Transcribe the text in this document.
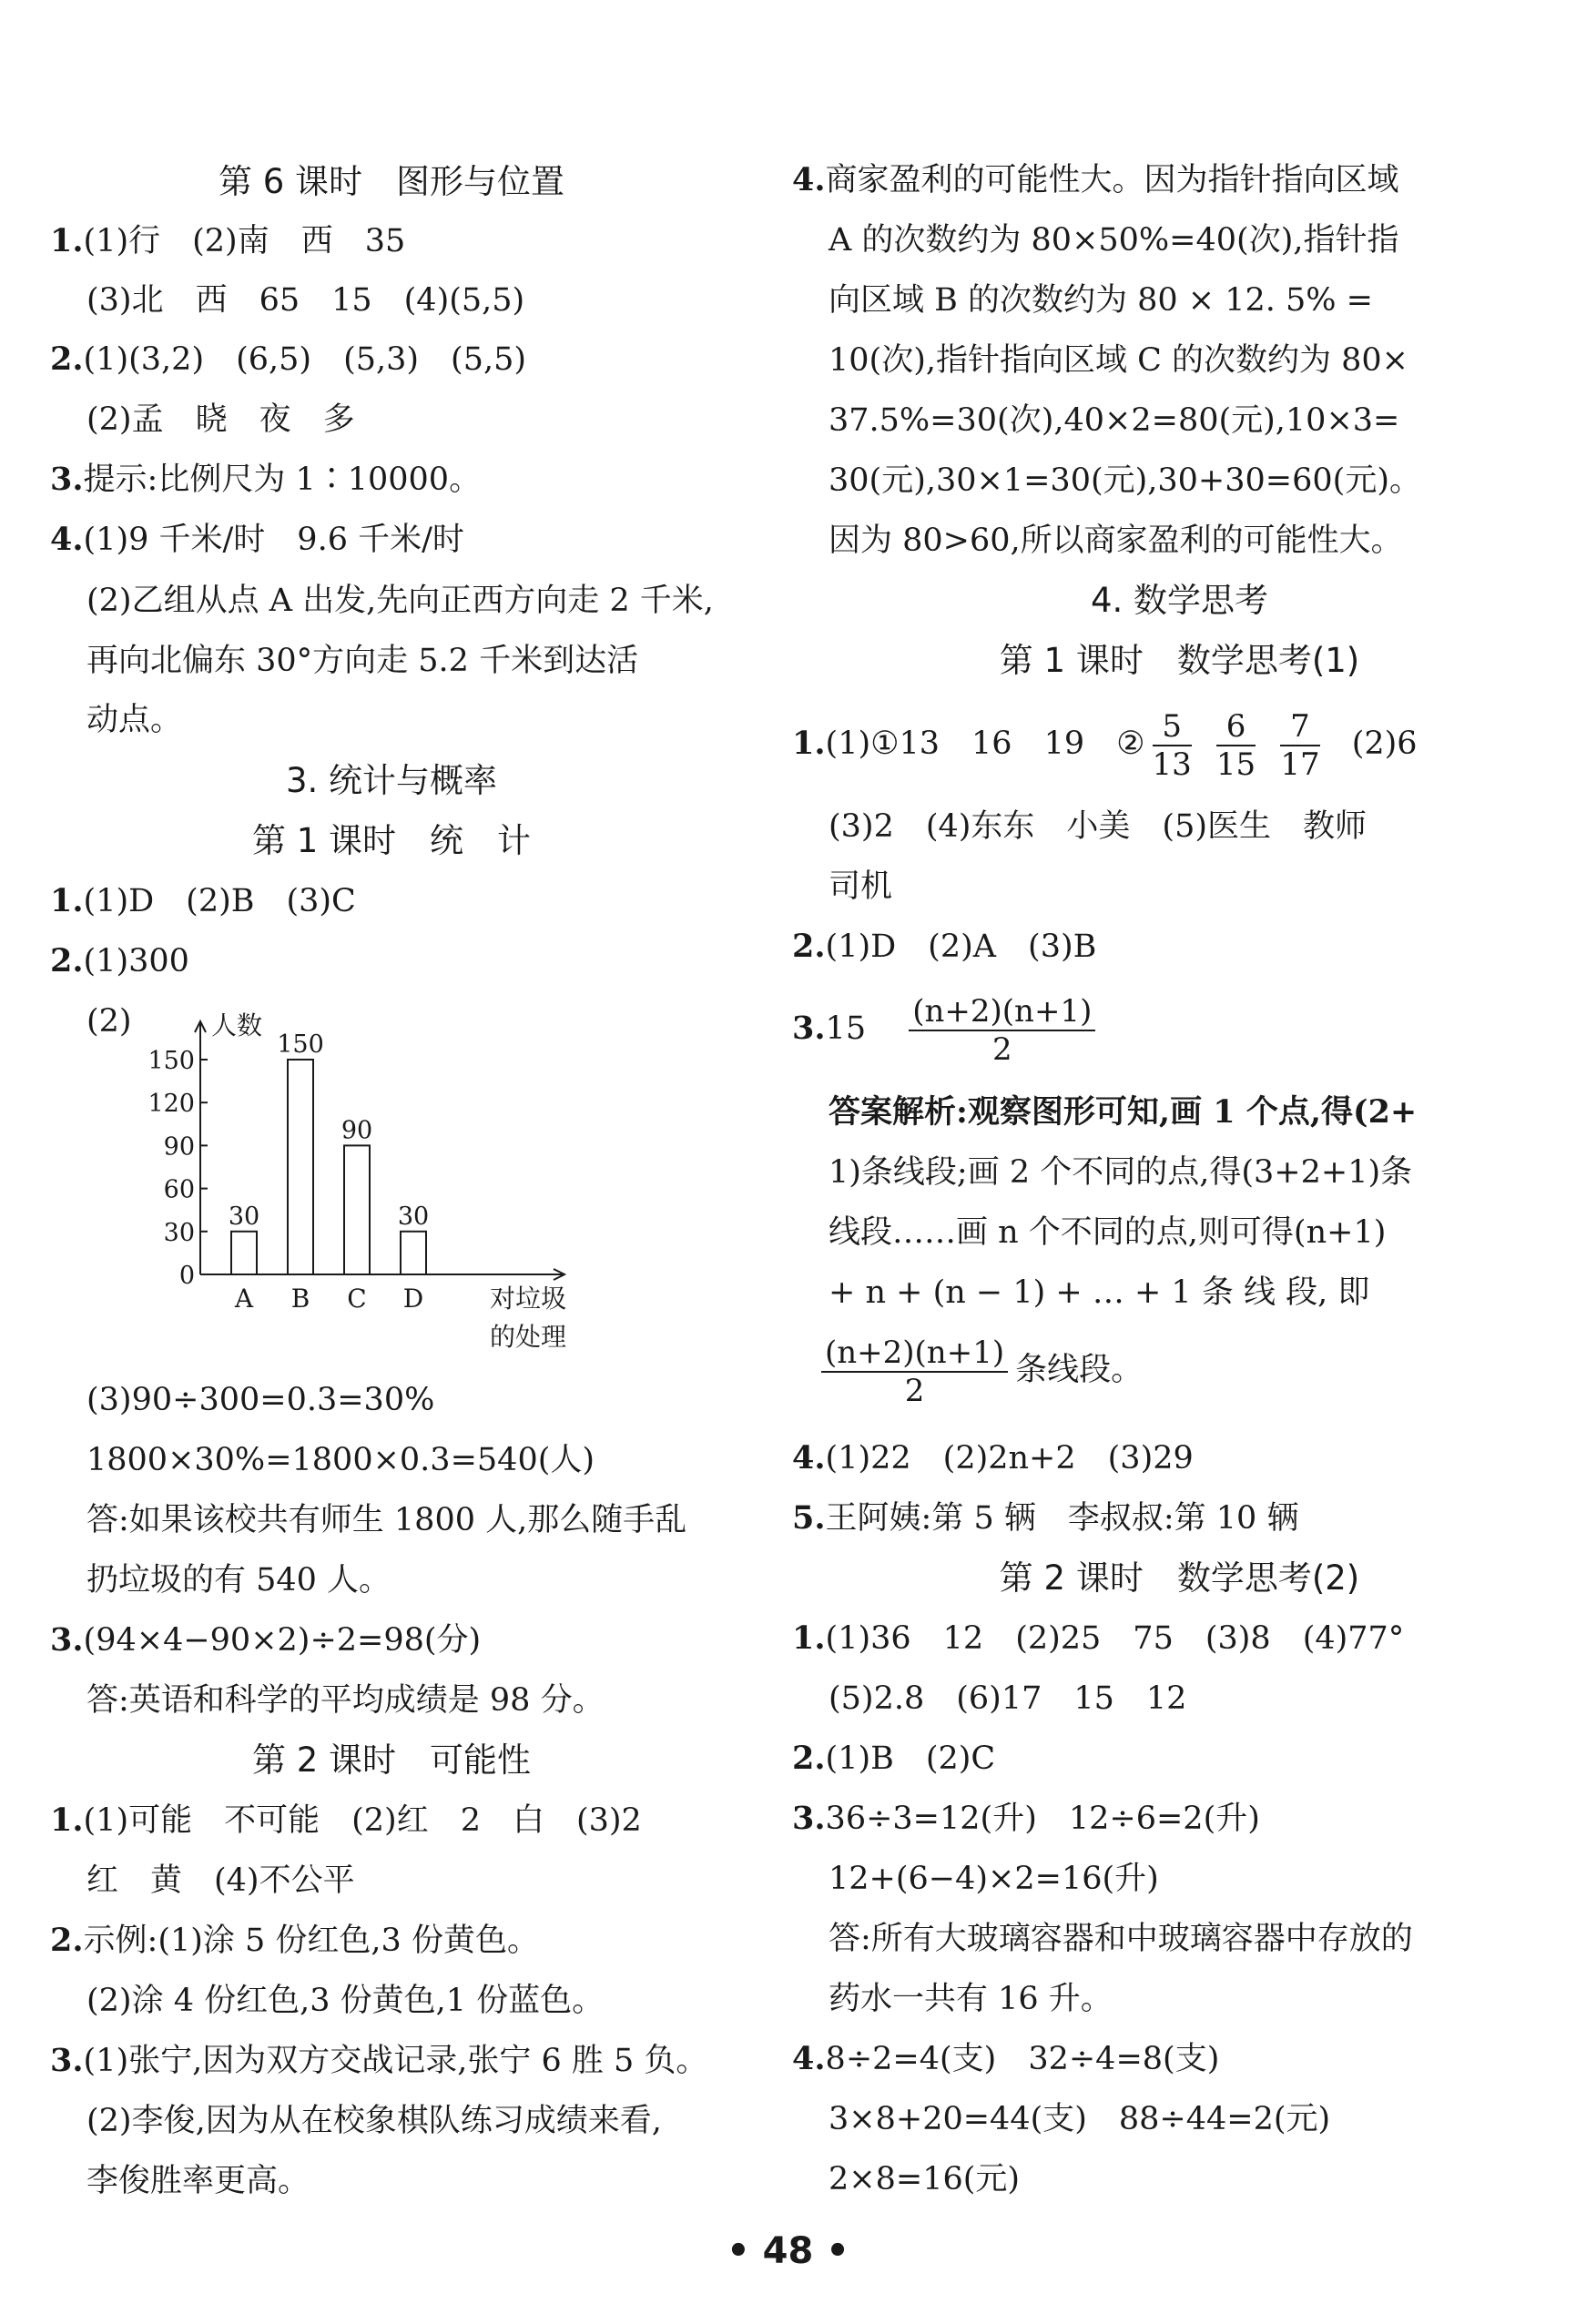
第 6 课时　图形与位置
1.(1)行　(2)南　西　35
(3)北　西　65　15　(4)(5,5)
2.(1)(3,2)　(6,5)　(5,3)　(5,5)
(2)孟　晓　夜　多
3.提示:比例尺为 1∶10000。
4.(1)9 千米/时　9.6 千米/时
(2)乙组从点 A 出发,先向正西方向走 2 千米,
再向北偏东 30°方向走 5.2 千米到达活
动点。
3. 统计与概率
第 1 课时　统　计
1.(1)D　(2)B　(3)C
2.(1)300
(2)	人数
0
30
60
90
120
150
30
A
150
B
90
C
30
D	对垃圾
的处理
(3)90÷300=0.3=30%
1800×30%=1800×0.3=540(人)
答:如果该校共有师生 1800 人,那么随手乱
扔垃圾的有 540 人。
3.(94×4−90×2)÷2=98(分)
答:英语和科学的平均成绩是 98 分。
第 2 课时　可能性
1.(1)可能　不可能　(2)红　2　白　(3)2
红　黄　(4)不公平
2.示例:(1)涂 5 份红色,3 份黄色。
(2)涂 4 份红色,3 份黄色,1 份蓝色。
3.(1)张宁,因为双方交战记录,张宁 6 胜 5 负。
(2)李俊,因为从在校象棋队练习成绩来看,
李俊胜率更高。
4.商家盈利的可能性大。因为指针指向区域
A 的次数约为 80×50%=40(次),指针指
向区域 B 的次数约为 80 × 12. 5% =
10(次),指针指向区域 C 的次数约为 80×
37.5%=30(次),40×2=80(元),10×3=
30(元),30×1=30(元),30+30=60(元)。
因为 80>60,所以商家盈利的可能性大。
4. 数学思考
第 1 课时　数学思考(1)
1.(1)①13　16　19　② $\frac{5}{13}$
$\frac{6}{15}$
$\frac{7}{17} (2)6$
(3)2　(4)东东　小美　(5)医生　教师
司机
2.(1)D　(2)A　(3)B
$3.15 \frac{(n+2)(n+1)}{2}$
答案解析:观察图形可知,画 1 个点,得(2+
1)条线段;画 2 个不同的点,得(3+2+1)条
线段……画 n 个不同的点,则可得(n+1)
+ n + (n − 1) + … + 1 条 线 段, 即
$\frac{(n+2)(n+1)}{2}$ 条线段。
4.(1)22　(2)2n+2　(3)29
5.王阿姨:第 5 辆　李叔叔:第 10 辆
第 2 课时　数学思考(2)
1.(1)36　12　(2)25　75　(3)8　(4)77°
(5)2.8　(6)17　15　12
2.(1)B　(2)C
3.36÷3=12(升)　12÷6=2(升)
12+(6−4)×2=16(升)
答:所有大玻璃容器和中玻璃容器中存放的
药水一共有 16 升。
4.8÷2=4(支)　32÷4=8(支)
3×8+20=44(支)　88÷44=2(元)
2×8=16(元)
• 48 •
